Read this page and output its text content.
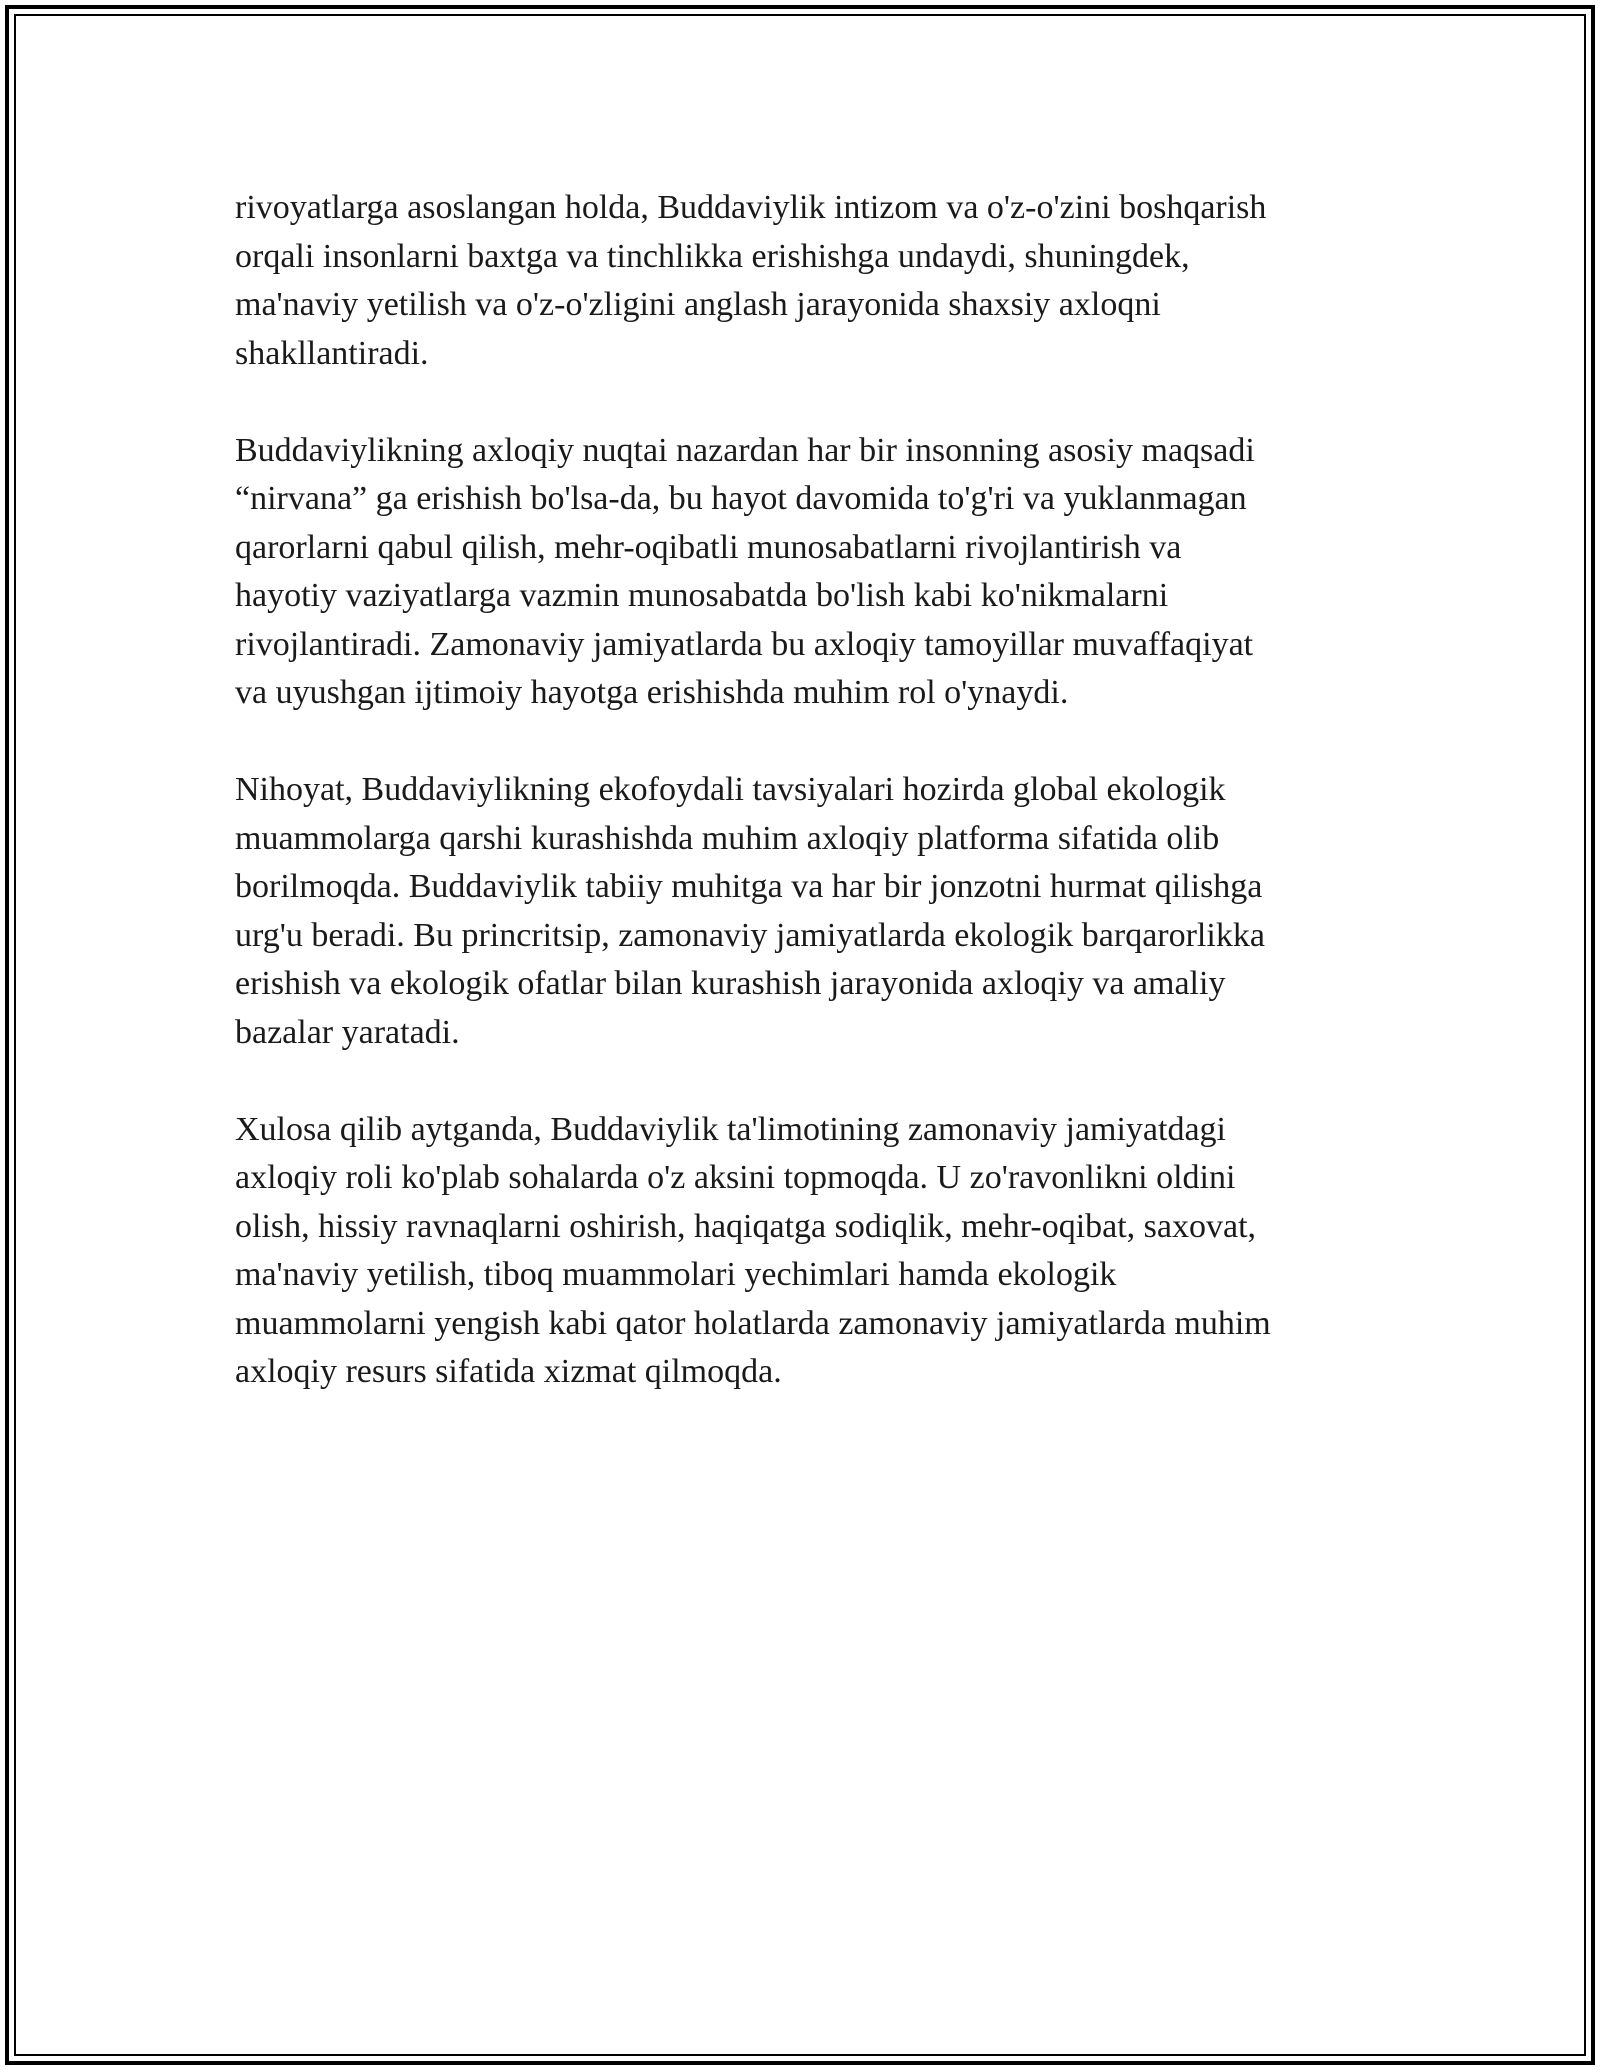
rivoyatlarga asoslangan holda, Buddaviylik intizom va o'z-o'zini boshqarish
orqali insonlarni baxtga va tinchlikka erishishga undaydi, shuningdek,
ma'naviy yetilish va o'z-o'zligini anglash jarayonida shaxsiy axloqni
shakllantiradi.

Buddaviylikning axloqiy nuqtai nazardan har bir insonning asosiy maqsadi
“nirvana” ga erishish bo'lsa-da, bu hayot davomida to'g'ri va yuklanmagan
qarorlarni qabul qilish, mehr-oqibatli munosabatlarni rivojlantirish va
hayotiy vaziyatlarga vazmin munosabatda bo'lish kabi ko'nikmalarni
rivojlantiradi. Zamonaviy jamiyatlarda bu axloqiy tamoyillar muvaffaqiyat
va uyushgan ijtimoiy hayotga erishishda muhim rol o'ynaydi.

Nihoyat, Buddaviylikning ekofoydali tavsiyalari hozirda global ekologik
muammolarga qarshi kurashishda muhim axloqiy platforma sifatida olib
borilmoqda. Buddaviylik tabiiy muhitga va har bir jonzotni hurmat qilishga
urg'u beradi. Bu princritsip, zamonaviy jamiyatlarda ekologik barqarorlikka
erishish va ekologik ofatlar bilan kurashish jarayonida axloqiy va amaliy
bazalar yaratadi.

Xulosa qilib aytganda, Buddaviylik ta'limotining zamonaviy jamiyatdagi
axloqiy roli ko'plab sohalarda o'z aksini topmoqda. U zo'ravonlikni oldini
olish, hissiy ravnaqlarni oshirish, haqiqatga sodiqlik, mehr-oqibat, saxovat,
ma'naviy yetilish, tiboq muammolari yechimlari hamda ekologik
muammolarni yengish kabi qator holatlarda zamonaviy jamiyatlarda muhim
axloqiy resurs sifatida xizmat qilmoqda.
